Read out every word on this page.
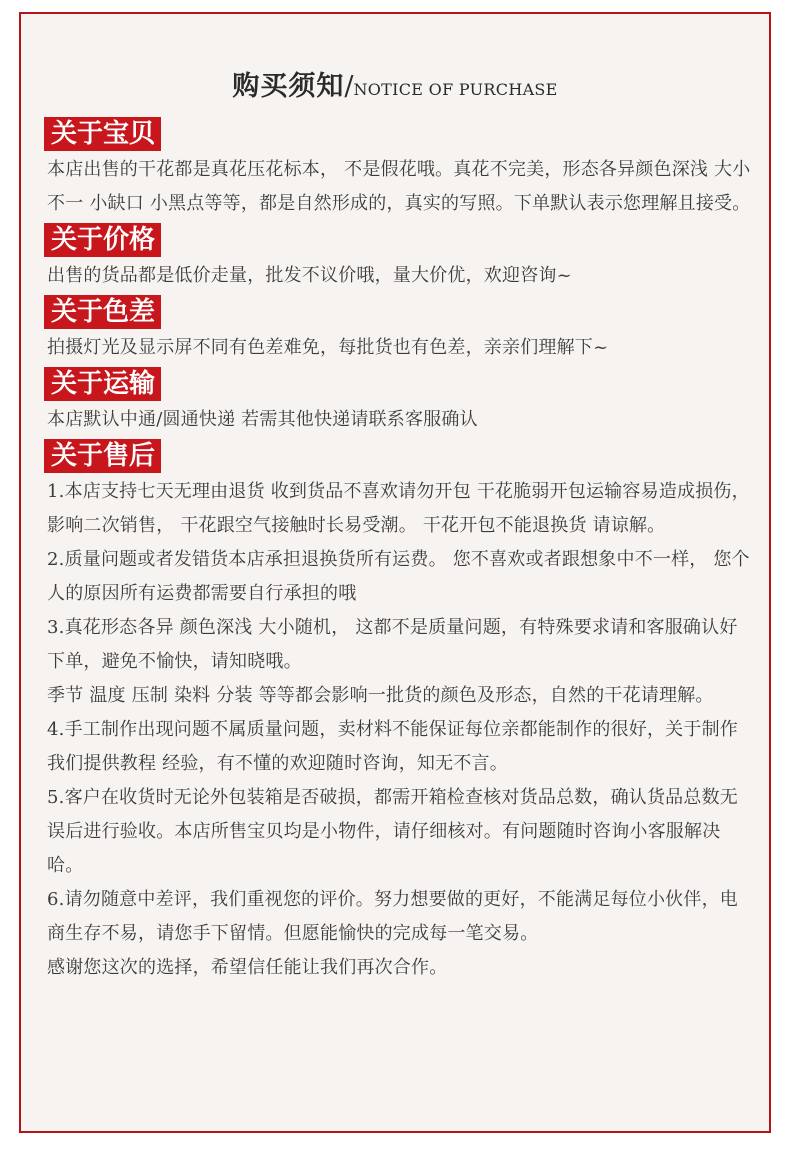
购买须知/NOTICE OF PURCHASE
关于宝贝
本店出售的干花都是真花压花标本， 不是假花哦。真花不完美，形态各异颜色深浅 大小不一 小缺口 小黑点等等，都是自然形成的，真实的写照。下单默认表示您理解且接受。
关于价格
出售的货品都是低价走量，批发不议价哦，量大价优，欢迎咨询~
关于色差
拍摄灯光及显示屏不同有色差难免，每批货也有色差，亲亲们理解下~
关于运输
本店默认中通/圆通快递 若需其他快递请联系客服确认
关于售后
1.本店支持七天无理由退货 收到货品不喜欢请勿开包 干花脆弱开包运输容易造成损伤，影响二次销售， 干花跟空气接触时长易受潮。 干花开包不能退换货 请谅解。
2.质量问题或者发错货本店承担退换货所有运费。 您不喜欢或者跟想象中不一样， 您个人的原因所有运费都需要自行承担的哦
3.真花形态各异 颜色深浅 大小随机， 这都不是质量问题，有特殊要求请和客服确认好下单，避免不愉快，请知晓哦。
季节 温度 压制 染料 分装 等等都会影响一批货的颜色及形态，自然的干花请理解。
4.手工制作出现问题不属质量问题，卖材料不能保证每位亲都能制作的很好，关于制作我们提供教程 经验，有不懂的欢迎随时咨询，知无不言。
5.客户在收货时无论外包装箱是否破损，都需开箱检查核对货品总数，确认货品总数无误后进行验收。本店所售宝贝均是小物件，请仔细核对。有问题随时咨询小客服解决哈。
6.请勿随意中差评，我们重视您的评价。努力想要做的更好，不能满足每位小伙伴，电商生存不易，请您手下留情。但愿能愉快的完成每一笔交易。
感谢您这次的选择，希望信任能让我们再次合作。
